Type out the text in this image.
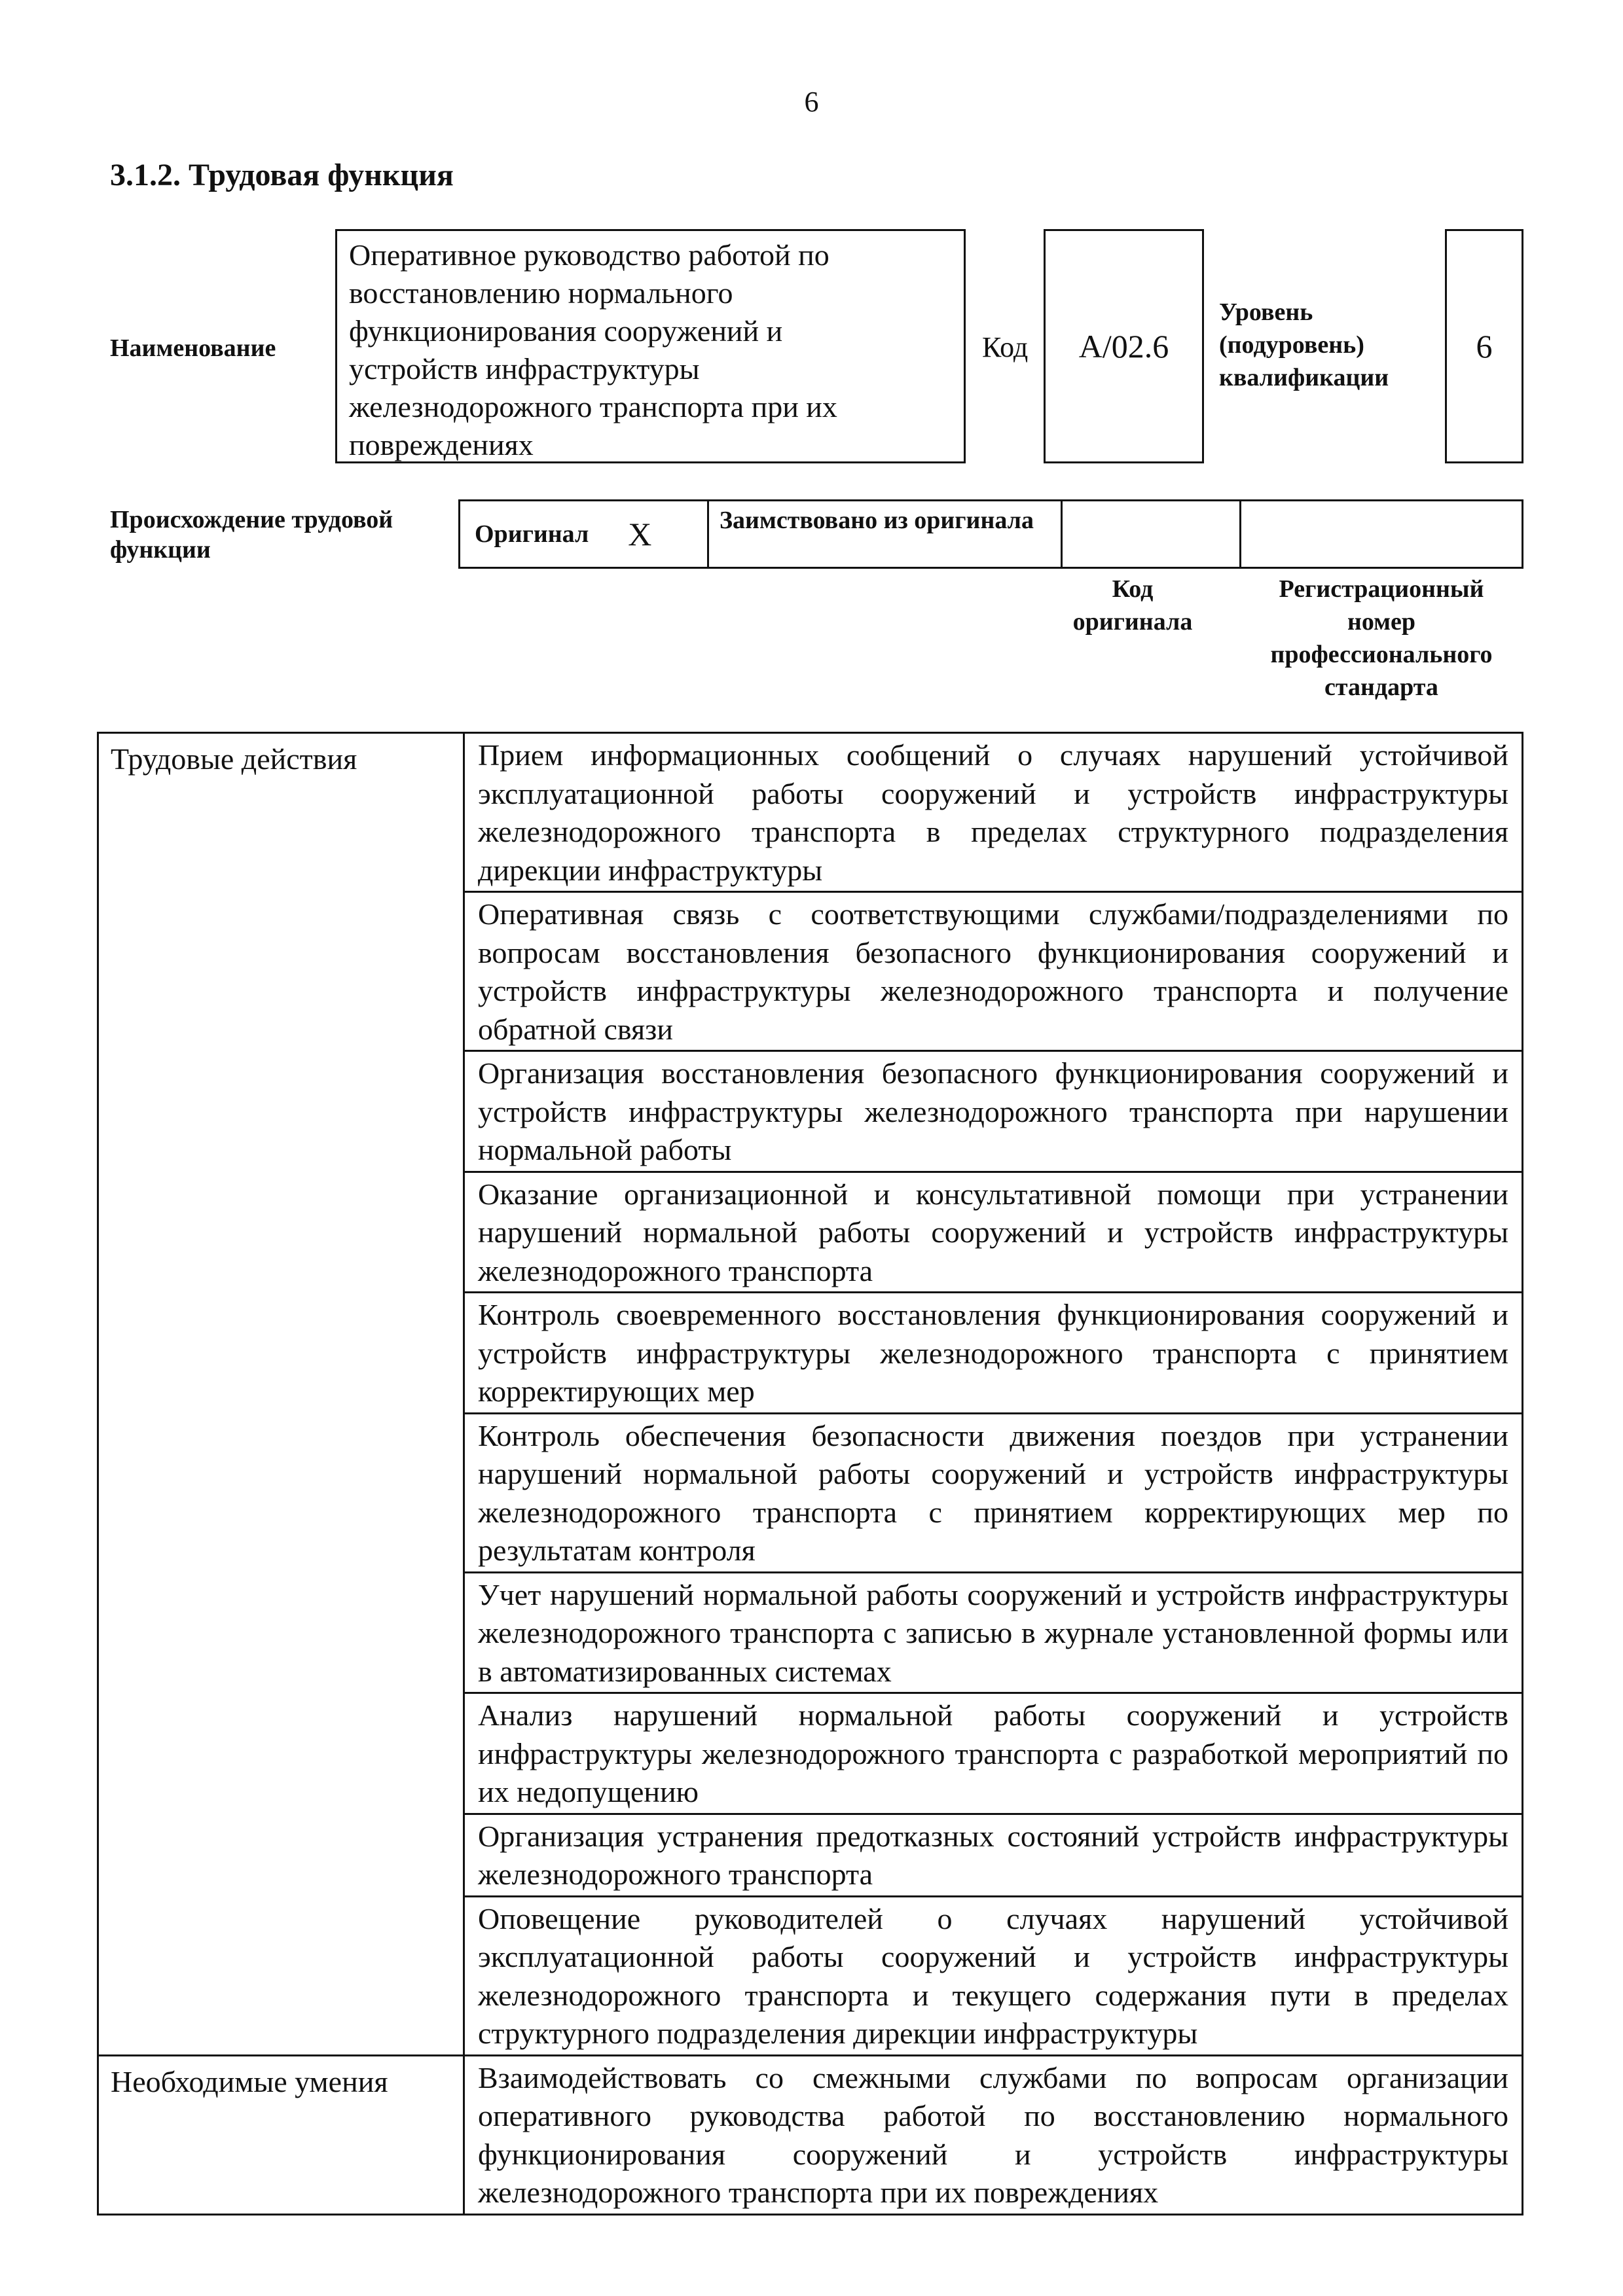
6
3.1.2. Трудовая функция
Наименование
Оперативное руководство работой по
восстановлению нормального
функционирования сооружений и
устройств инфраструктуры
железнодорожного транспорта при их
повреждениях
Код А/02.6
Уровень
(подуровень)
квалификации
6
Происхождение трудовой функции
Оригинал X	Заимствовано из оригинала
Код
оригинала
Регистрационный
номер
профессионального
стандарта
Трудовые действия	Прием информационных сообщений о случаях нарушений устойчивой эксплуатационной работы сооружений и устройств инфраструктуры железнодорожного транспорта в пределах структурного подразделения дирекции инфраструктуры
	Оперативная связь с соответствующими службами/подразделениями по вопросам восстановления безопасного функционирования сооружений и устройств инфраструктуры железнодорожного транспорта и получение обратной связи
	Организация восстановления безопасного функционирования сооружений и устройств инфраструктуры железнодорожного транспорта при нарушении нормальной работы
	Оказание организационной и консультативной помощи при устранении нарушений нормальной работы сооружений и устройств инфраструктуры железнодорожного транспорта
	Контроль своевременного восстановления функционирования сооружений и устройств инфраструктуры железнодорожного транспорта с принятием корректирующих мер
	Контроль обеспечения безопасности движения поездов при устранении нарушений нормальной работы сооружений и устройств инфраструктуры железнодорожного транспорта с принятием корректирующих мер по результатам контроля
	Учет нарушений нормальной работы сооружений и устройств инфраструктуры железнодорожного транспорта с записью в журнале установленной формы или в автоматизированных системах
	Анализ нарушений нормальной работы сооружений и устройств инфраструктуры железнодорожного транспорта с разработкой мероприятий по их недопущению
	Организация устранения предотказных состояний устройств инфраструктуры железнодорожного транспорта
	Оповещение руководителей о случаях нарушений устойчивой эксплуатационной работы сооружений и устройств инфраструктуры железнодорожного транспорта и текущего содержания пути в пределах структурного подразделения дирекции инфраструктуры
Необходимые умения	Взаимодействовать со смежными службами по вопросам организации оперативного руководства работой по восстановлению нормального функционирования сооружений и устройств инфраструктуры железнодорожного транспорта при их повреждениях
